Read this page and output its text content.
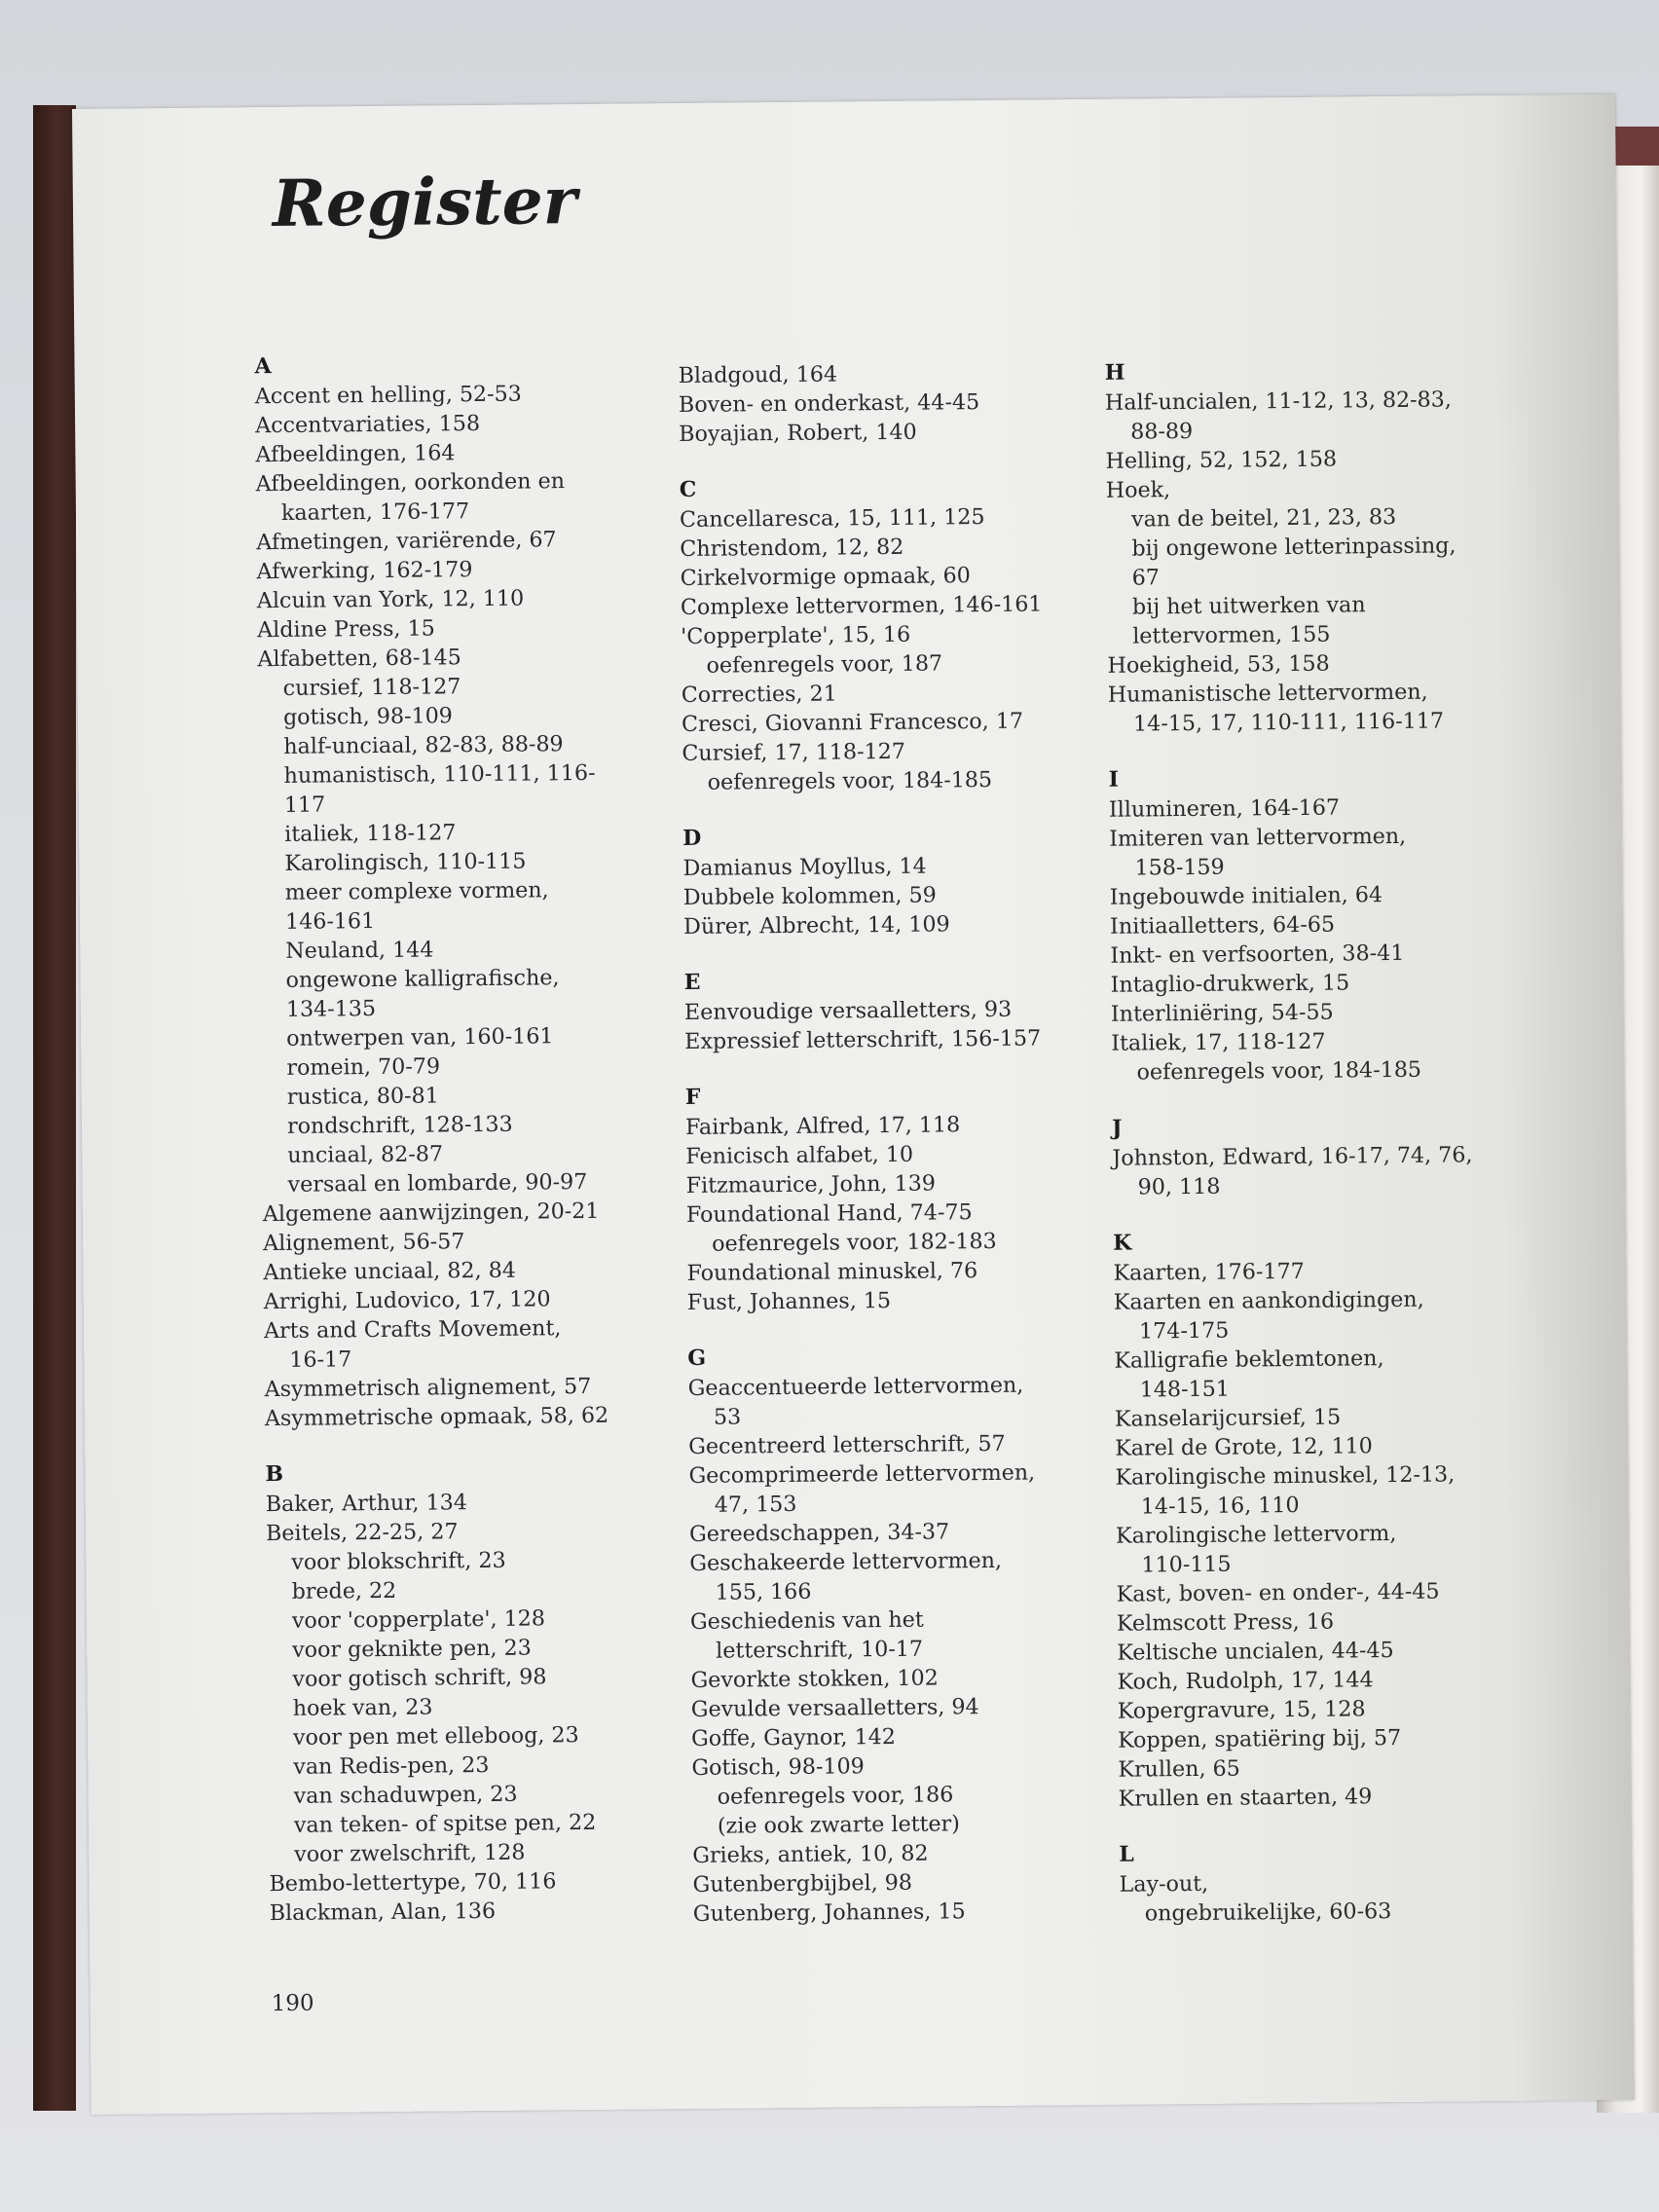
Register
A
Accent en helling, 52-53
Accentvariaties, 158
Afbeeldingen, 164
Afbeeldingen, oorkonden en
kaarten, 176-177
Afmetingen, variërende, 67
Afwerking, 162-179
Alcuin van York, 12, 110
Aldine Press, 15
Alfabetten, 68-145
cursief, 118-127
gotisch, 98-109
half-unciaal, 82-83, 88-89
humanistisch, 110-111, 116-
117
italiek, 118-127
Karolingisch, 110-115
meer complexe vormen,
146-161
Neuland, 144
ongewone kalligrafische,
134-135
ontwerpen van, 160-161
romein, 70-79
rustica, 80-81
rondschrift, 128-133
unciaal, 82-87
versaal en lombarde, 90-97
Algemene aanwijzingen, 20-21
Alignement, 56-57
Antieke unciaal, 82, 84
Arrighi, Ludovico, 17, 120
Arts and Crafts Movement,
16-17
Asymmetrisch alignement, 57
Asymmetrische opmaak, 58, 62
B
Baker, Arthur, 134
Beitels, 22-25, 27
voor blokschrift, 23
brede, 22
voor 'copperplate', 128
voor geknikte pen, 23
voor gotisch schrift, 98
hoek van, 23
voor pen met elleboog, 23
van Redis-pen, 23
van schaduwpen, 23
van teken- of spitse pen, 22
voor zwelschrift, 128
Bembo-lettertype, 70, 116
Blackman, Alan, 136
Bladgoud, 164
Boven- en onderkast, 44-45
Boyajian, Robert, 140
C
Cancellaresca, 15, 111, 125
Christendom, 12, 82
Cirkelvormige opmaak, 60
Complexe lettervormen, 146-161
'Copperplate', 15, 16
oefenregels voor, 187
Correcties, 21
Cresci, Giovanni Francesco, 17
Cursief, 17, 118-127
oefenregels voor, 184-185
D
Damianus Moyllus, 14
Dubbele kolommen, 59
Dürer, Albrecht, 14, 109
E
Eenvoudige versaalletters, 93
Expressief letterschrift, 156-157
F
Fairbank, Alfred, 17, 118
Fenicisch alfabet, 10
Fitzmaurice, John, 139
Foundational Hand, 74-75
oefenregels voor, 182-183
Foundational minuskel, 76
Fust, Johannes, 15
G
Geaccentueerde lettervormen,
53
Gecentreerd letterschrift, 57
Gecomprimeerde lettervormen,
47, 153
Gereedschappen, 34-37
Geschakeerde lettervormen,
155, 166
Geschiedenis van het
letterschrift, 10-17
Gevorkte stokken, 102
Gevulde versaalletters, 94
Goffe, Gaynor, 142
Gotisch, 98-109
oefenregels voor, 186
(zie ook zwarte letter)
Grieks, antiek, 10, 82
Gutenbergbijbel, 98
Gutenberg, Johannes, 15
H
Half-uncialen, 11-12, 13, 82-83,
88-89
Helling, 52, 152, 158
Hoek,
van de beitel, 21, 23, 83
bij ongewone letterinpassing,
67
bij het uitwerken van
lettervormen, 155
Hoekigheid, 53, 158
Humanistische lettervormen,
14-15, 17, 110-111, 116-117
I
Illumineren, 164-167
Imiteren van lettervormen,
158-159
Ingebouwde initialen, 64
Initiaalletters, 64-65
Inkt- en verfsoorten, 38-41
Intaglio-drukwerk, 15
Interliniëring, 54-55
Italiek, 17, 118-127
oefenregels voor, 184-185
J
Johnston, Edward, 16-17, 74, 76,
90, 118
K
Kaarten, 176-177
Kaarten en aankondigingen,
174-175
Kalligrafie beklemtonen,
148-151
Kanselarijcursief, 15
Karel de Grote, 12, 110
Karolingische minuskel, 12-13,
14-15, 16, 110
Karolingische lettervorm,
110-115
Kast, boven- en onder-, 44-45
Kelmscott Press, 16
Keltische uncialen, 44-45
Koch, Rudolph, 17, 144
Kopergravure, 15, 128
Koppen, spatiëring bij, 57
Krullen, 65
Krullen en staarten, 49
L
Lay-out,
ongebruikelijke, 60-63
190
